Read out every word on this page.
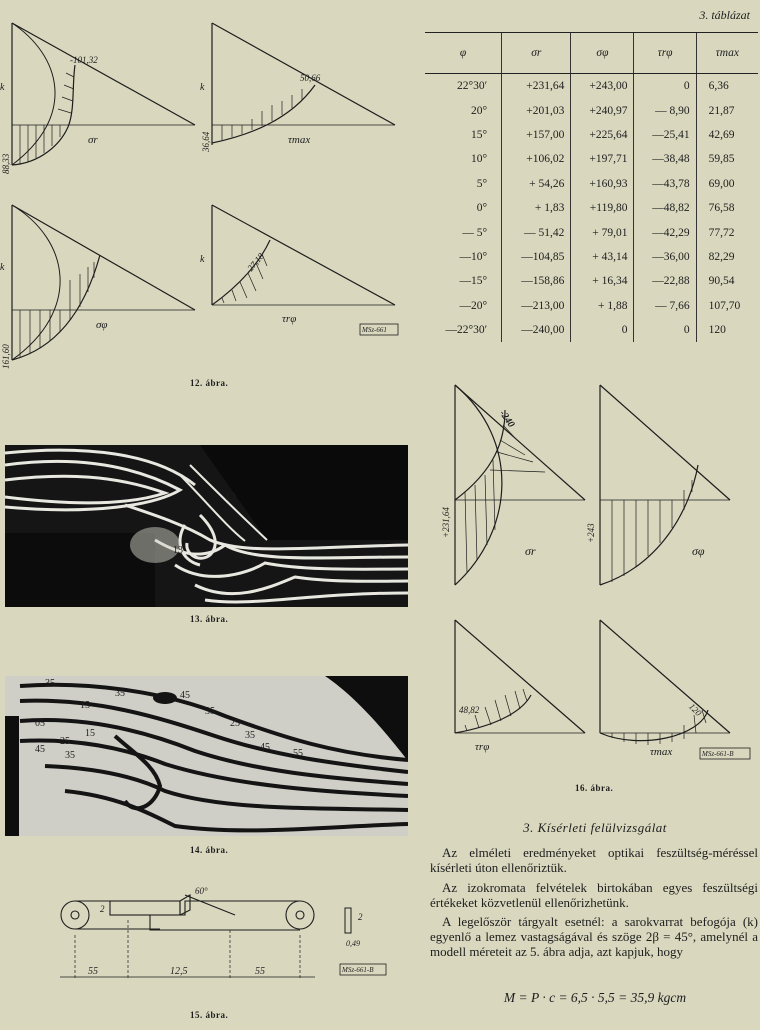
-101,32
k
88,33
σr
50,66
k
36,64	τmax
k
161,60
σφ
-27,18
k
τrφ
MSz-661
12. ábra.
12
13
13. ábra.
35
45
35
35
25
35
45
55
15
05
15
25
35
45
14. ábra.
60°
2
55	12,5	55
2
0,49
MSz-661-B
15. ábra.
3. táblázat
φ	σr	σφ	τrφ	τmax
22°30′	+231,64	+243,00	0	6,36
20°	+201,03	+240,97	— 8,90	21,87
15°	+157,00	+225,64	—25,41	42,69
10°	+106,02	+197,71	—38,48	59,85
5°	+ 54,26	+160,93	—43,78	69,00
0°	+ 1,83	+119,80	—48,82	76,58
— 5°	— 51,42	+ 79,01	—42,29	77,72
—10°	—104,85	+ 43,14	—36,00	82,29
—15°	—158,86	+ 16,34	—22,88	90,54
—20°	—213,00	+ 1,88	— 7,66	107,70
—22°30′	—240,00	0	0	120
-240
+231,64
σr
+243
σφ
48,82
τrφ
120
τmax	MSz-661-B
16. ábra.
3. Kísérleti felülvizsgálat

Az elméleti eredményeket optikai feszültség-méréssel kísérleti úton ellenőriztük.

Az izokromata felvételek birtokában egyes feszültségi értékeket közvetlenül ellenőrizhetünk.

A legelőször tárgyalt esetnél: a sarokvarrat befogója (k) egyenlő a lemez vastagságával és szöge 2β = 45°, amelynél a modell méreteit az 5. ábra adja, azt kapjuk, hogy

M = P · c = 6,5 · 5,5 = 35,9 kgcm
